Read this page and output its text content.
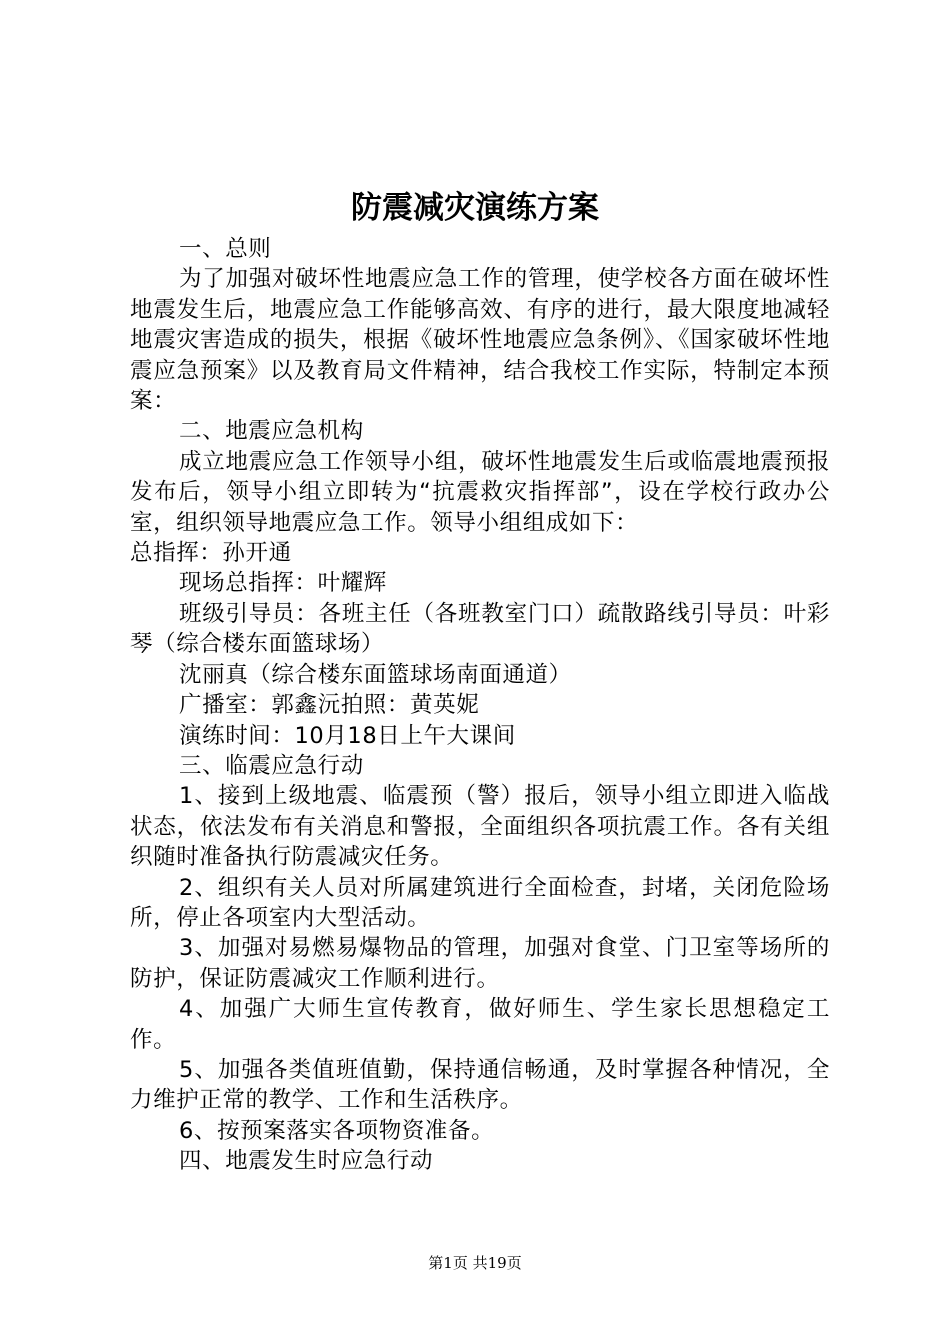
防震减灾演练方案

一、总则

为了加强对破坏性地震应急工作的管理，使学校各方面在破坏性地震发生后，地震应急工作能够高效、有序的进行，最大限度地减轻地震灾害造成的损失，根据《破坏性地震应急条例》、《国家破坏性地震应急预案》以及教育局文件精神，结合我校工作实际，特制定本预案：

二、地震应急机构

成立地震应急工作领导小组，破坏性地震发生后或临震地震预报发布后，领导小组立即转为“抗震救灾指挥部”，设在学校行政办公室，组织领导地震应急工作。领导小组组成如下：

总指挥：孙开通

现场总指挥：叶耀辉

班级引导员：各班主任（各班教室门口）疏散路线引导员：叶彩琴（综合楼东面篮球场）

沈丽真（综合楼东面篮球场南面通道）

广播室：郭鑫沅拍照：黄英妮

演练时间：10月18日上午大课间

三、临震应急行动

1、接到上级地震、临震预（警）报后，领导小组立即进入临战状态，依法发布有关消息和警报，全面组织各项抗震工作。各有关组织随时准备执行防震减灾任务。

2、组织有关人员对所属建筑进行全面检查，封堵，关闭危险场所，停止各项室内大型活动。

3、加强对易燃易爆物品的管理，加强对食堂、门卫室等场所的防护，保证防震减灾工作顺利进行。

4、加强广大师生宣传教育，做好师生、学生家长思想稳定工作。

5、加强各类值班值勤，保持通信畅通，及时掌握各种情况，全力维护正常的教学、工作和生活秩序。

6、按预案落实各项物资准备。

四、地震发生时应急行动

第1页 共19页
